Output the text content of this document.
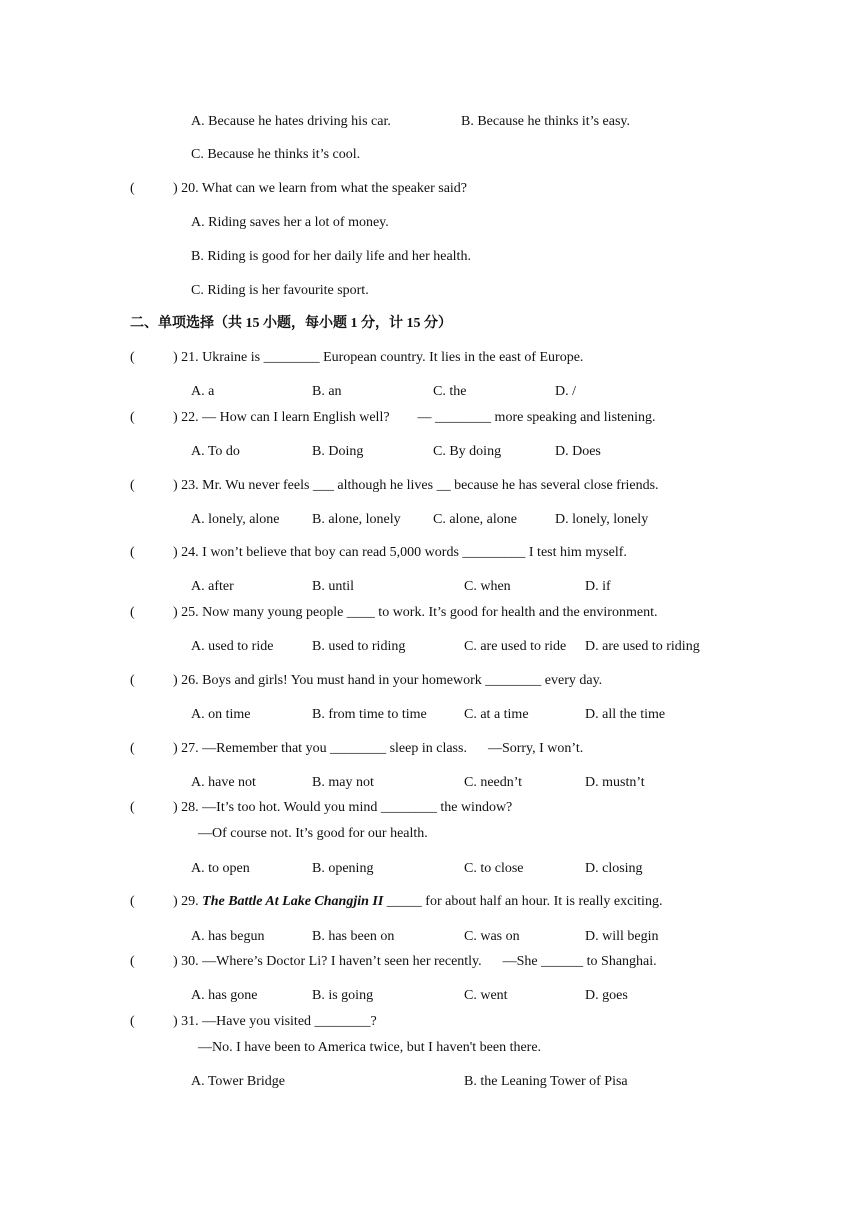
A. Because he hates driving his car.	B. Because he thinks it’s easy.
C. Because he thinks it’s cool.
(	) 20. What can we learn from what the speaker said?
A. Riding saves her a lot of money.
B. Riding is good for her daily life and her health.
C. Riding is her favourite sport.
二、单项选择（共 15 小题，每小题 1 分，计 15 分）
(	) 21. Ukraine is ________ European country. It lies in the east of Europe.
A. a	B. an	C. the	D. /
(	) 22. — How can I learn English well?        — ________ more speaking and listening.
A. To do	B. Doing	C. By doing	D. Does
(	) 23. Mr. Wu never feels ___ although he lives __ because he has several close friends.
A. lonely, alone B. alone, lonely C. alone, alone	D. lonely, lonely
(	) 24. I won’t believe that boy can read 5,000 words _________ I test him myself.
A. after	B. until	C. when	D. if
(	) 25. Now many young people ____ to work. It’s good for health and the environment.
A. used to ride	B. used to riding	C. are used to ride D. are used to riding
(	) 26. Boys and girls! You must hand in your homework ________ every day.
A. on time	B. from time to time	C. at a time	D. all the time
(	) 27. —Remember that you ________ sleep in class.      —Sorry, I won’t.
A. have not	B. may not	C. needn’t	D. mustn’t
(	) 28. —It’s too hot. Would you mind ________ the window?
—Of course not. It’s good for our health.
A. to open	B. opening	C. to close	D. closing
(	) 29. The Battle At Lake Changjin II _____ for about half an hour. It is really exciting.
A. has begun	B. has been on	C. was on	D. will begin
(	) 30. —Where’s Doctor Li? I haven’t seen her recently.      —She ______ to Shanghai.
A. has gone	B. is going	C. went	D. goes
(	) 31. —Have you visited ________?
—No. I have been to America twice, but I haven't been there.
A. Tower Bridge	B. the Leaning Tower of Pisa
